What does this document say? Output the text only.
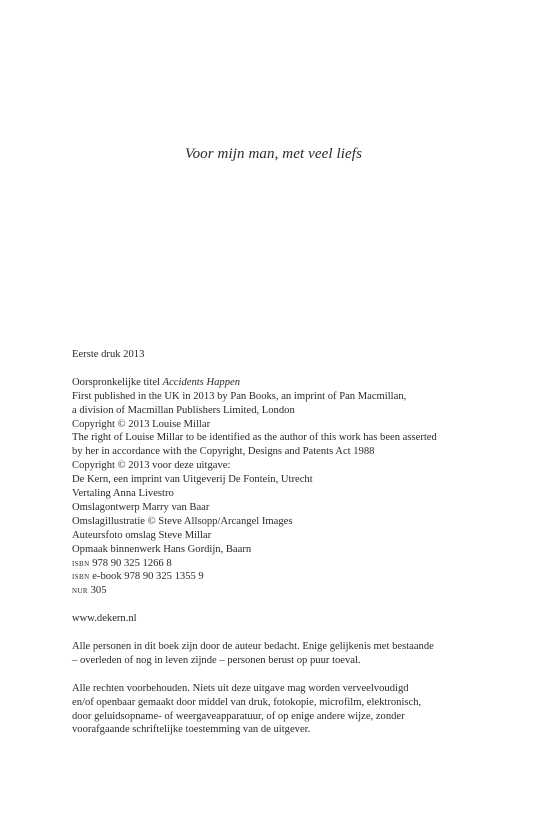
Voor mijn man, met veel liefs
Eerste druk 2013
Oorspronkelijke titel Accidents Happen
First published in the UK in 2013 by Pan Books, an imprint of Pan Macmillan,
a division of Macmillan Publishers Limited, London
Copyright © 2013 Louise Millar
The right of Louise Millar to be identified as the author of this work has been asserted
by her in accordance with the Copyright, Designs and Patents Act 1988
Copyright © 2013 voor deze uitgave:
De Kern, een imprint van Uitgeverij De Fontein, Utrecht
Vertaling Anna Livestro
Omslagontwerp Marry van Baar
Omslagillustratie © Steve Allsopp/Arcangel Images
Auteursfoto omslag Steve Millar
Opmaak binnenwerk Hans Gordijn, Baarn
isbn 978 90 325 1266 8
isbn e-book 978 90 325 1355 9
nur 305
www.dekern.nl
Alle personen in dit boek zijn door de auteur bedacht. Enige gelijkenis met bestaande
– overleden of nog in leven zijnde – personen berust op puur toeval.
Alle rechten voorbehouden. Niets uit deze uitgave mag worden verveelvoudigd
en/of openbaar gemaakt door middel van druk, fotokopie, microfilm, elektronisch,
door geluidsopname- of weergaveapparatuur, of op enige andere wijze, zonder
voorafgaande schriftelijke toestemming van de uitgever.
